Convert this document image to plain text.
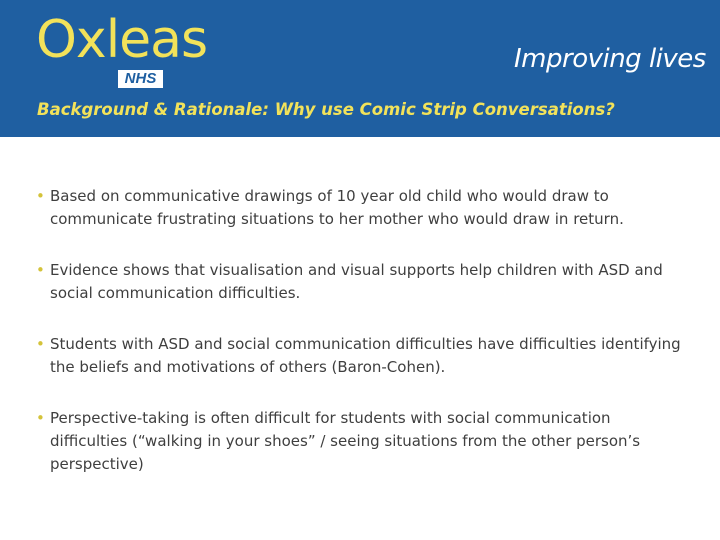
Oxleas
NHS
Improving lives
Background & Rationale: Why use Comic Strip Conversations?
• Based on communicative drawings of 10 year old child who would draw to communicate frustrating situations to her mother who would draw in return.
• Evidence shows that visualisation and visual supports help children with ASD and social communication difficulties.
• Students with ASD and social communication difficulties have difficulties identifying the beliefs and motivations of others (Baron-Cohen).
• Perspective-taking is often difficult for students with social communication difficulties (“walking in your shoes” / seeing situations from the other person’s perspective)
